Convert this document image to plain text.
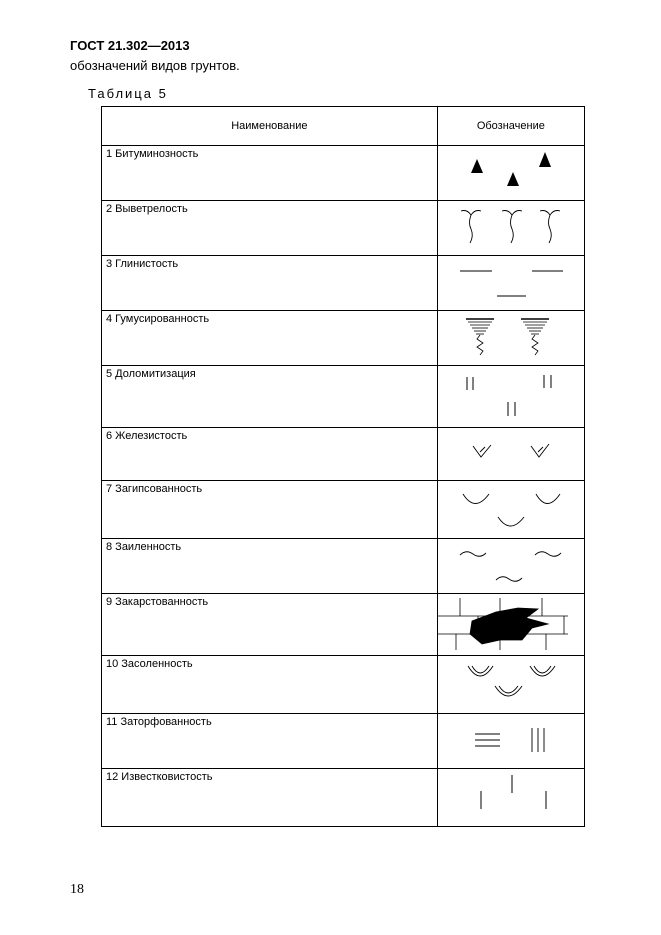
ГОСТ 21.302—2013
обозначений видов грунтов.
Таблица 5
Наименование	Обозначение
1 Битуминозность	

2 Выветрелость	

3 Глинистость	

4 Гумусированность	

5 Доломитизация	

6 Железистость	

7 Загипсованность	

8 Заиленность	

9 Закарстованность	

10 Засоленность	

11 Заторфованность	

12 Известковистость	
18
